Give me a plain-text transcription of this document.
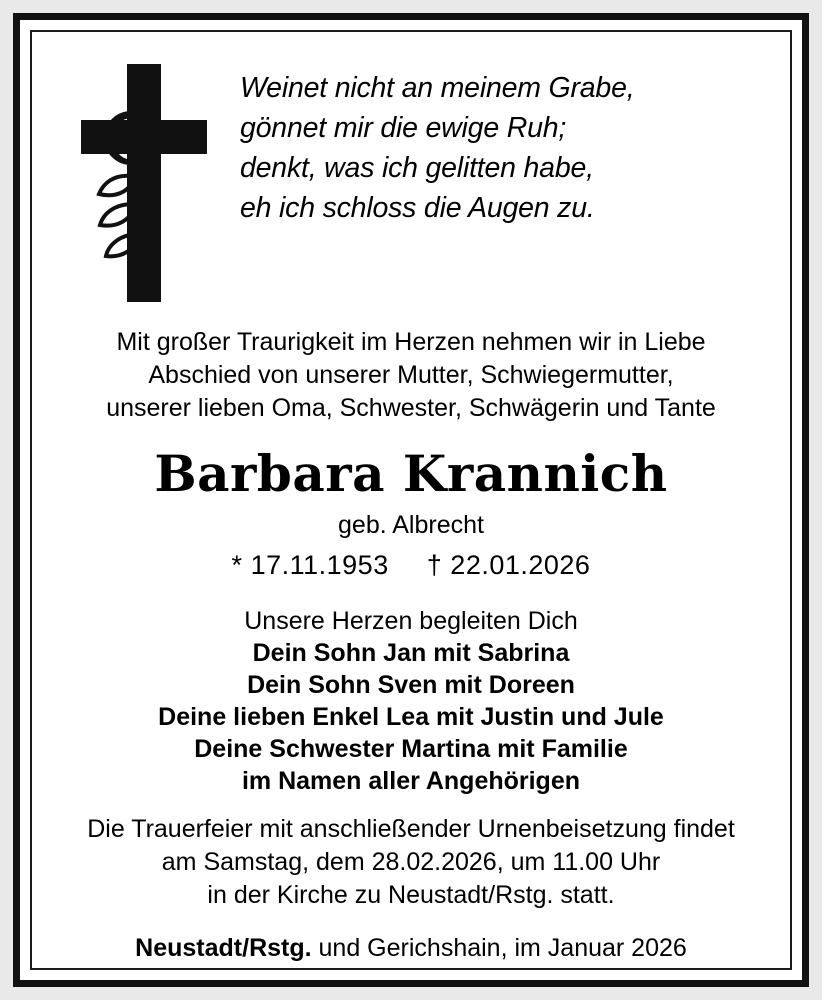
Weinet nicht an meinem Grabe,
gönnet mir die ewige Ruh;
denkt, was ich gelitten habe,
eh ich schloss die Augen zu.
Mit großer Traurigkeit im Herzen nehmen wir in Liebe
Abschied von unserer Mutter, Schwiegermutter,
unserer lieben Oma, Schwester, Schwägerin und Tante
Barbara Krannich
geb. Albrecht
* 17.11.1953 † 22.01.2026
Unsere Herzen begleiten Dich
Dein Sohn Jan mit Sabrina
Dein Sohn Sven mit Doreen
Deine lieben Enkel Lea mit Justin und Jule
Deine Schwester Martina mit Familie
im Namen aller Angehörigen
Die Trauerfeier mit anschließender Urnenbeisetzung findet
am Samstag, dem 28.02.2026, um 11.00 Uhr
in der Kirche zu Neustadt/Rstg. statt.
Neustadt/Rstg. und Gerichshain, im Januar 2026
